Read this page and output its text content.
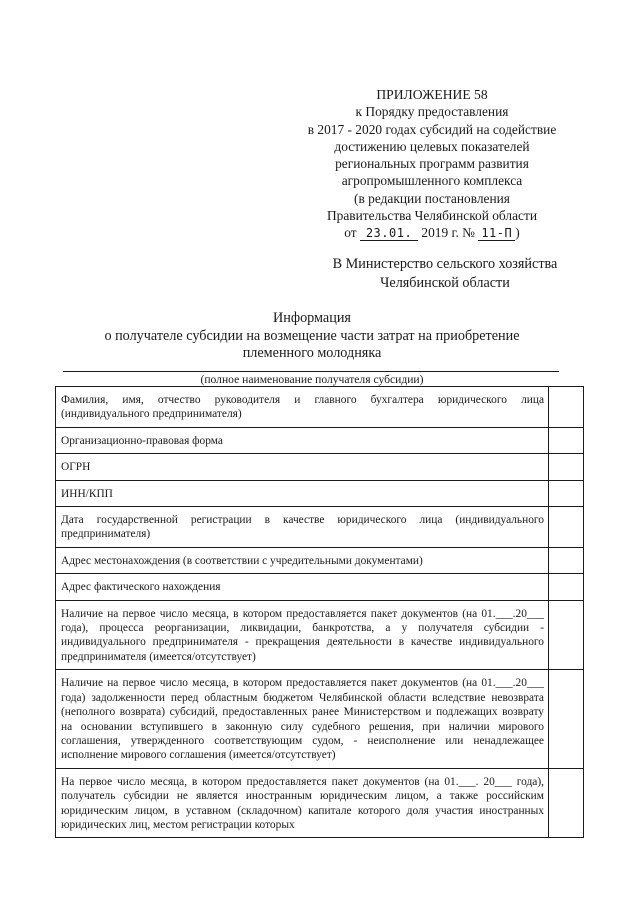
ПРИЛОЖЕНИЕ 58
к Порядку предоставления
в 2017 - 2020 годах субсидий на содействие
достижению целевых показателей
региональных программ развития
агропромышленного комплекса
(в редакции постановления
Правительства Челябинской области
от 23.01. 2019 г. № 11-П )
В Министерство сельского хозяйства
Челябинской области
Информация
о получателе субсидии на возмещение части затрат на приобретение
племенного молодняка
(полное наименование получателя субсидии)
Фамилия, имя, отчество руководителя и главного бухгалтера юридического лица (индивидуального предпринимателя)	
Организационно-правовая форма	
ОГРН	
ИНН/КПП	
Дата государственной регистрации в качестве юридического лица (индивидуального предпринимателя)	
Адрес местонахождения (в соответствии с учредительными документами)	
Адрес фактического нахождения	
Наличие на первое число месяца, в котором предоставляется пакет документов (на 01.___.20___ года), процесса реорганизации, ликвидации, банкротства, а у получателя субсидии - индивидуального предпринимателя - прекращения деятельности в качестве индивидуального предпринимателя (имеется/отсутствует)	
Наличие на первое число месяца, в котором предоставляется пакет документов (на 01.___.20___ года) задолженности перед областным бюджетом Челябинской области вследствие невозврата (неполного возврата) субсидий, предоставленных ранее Министерством и подлежащих возврату на основании вступившего в законную силу судебного решения, при наличии мирового соглашения, утвержденного соответствующим судом, - неисполнение или ненадлежащее исполнение мирового соглашения (имеется/отсутствует)	
На первое число месяца, в котором предоставляется пакет документов (на 01.___. 20___ года), получатель субсидии не является иностранным юридическим лицом, а также российским юридическим лицом, в уставном (складочном) капитале которого доля участия иностранных юридических лиц, местом регистрации которых	
